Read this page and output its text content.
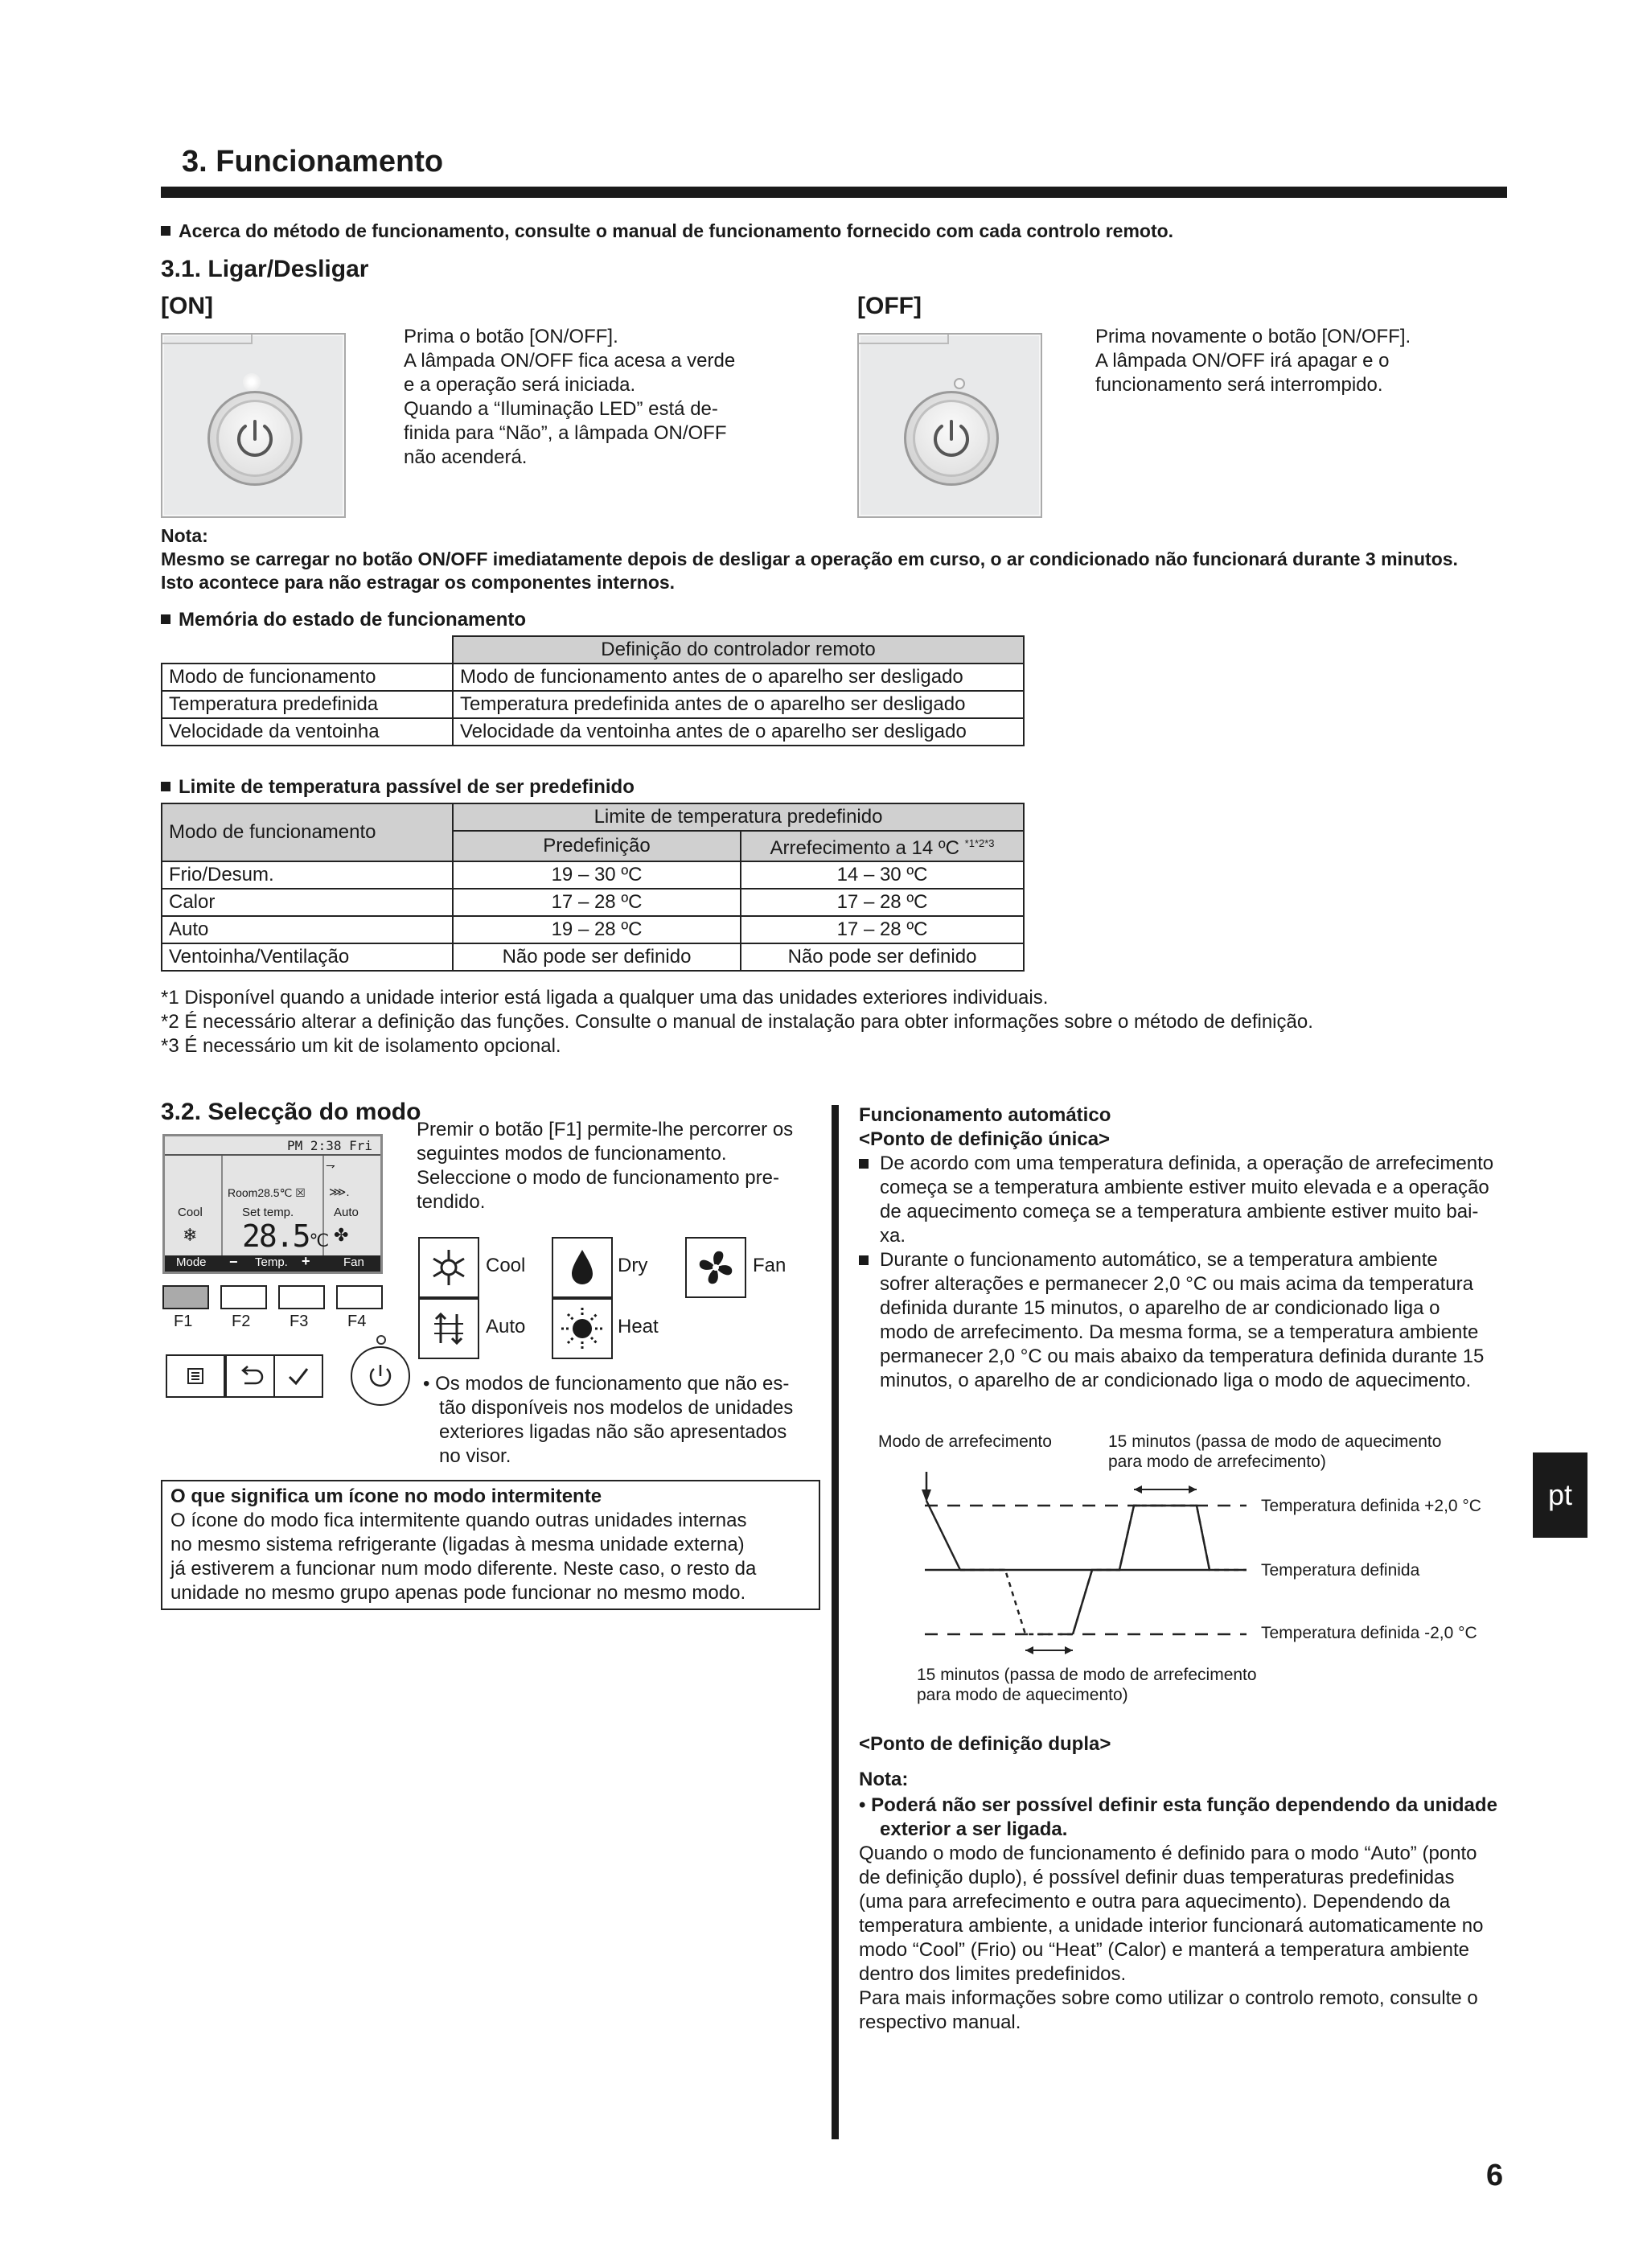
3. Funcionamento
Acerca do método de funcionamento, consulte o manual de funcionamento fornecido com cada controlo remoto.
3.1. Ligar/Desligar
[ON]	[OFF]
Prima o botão [ON/OFF].
A lâmpada ON/OFF fica acesa a verde
e a operação será iniciada.
Quando a “Iluminação LED” está de-
finida para “Não”, a lâmpada ON/OFF
não acenderá.
Prima novamente o botão [ON/OFF].
A lâmpada ON/OFF irá apagar e o
funcionamento será interrompido.
Nota:
Mesmo se carregar no botão ON/OFF imediatamente depois de desligar a operação em curso, o ar condicionado não funcionará durante 3 minutos.
Isto acontece para não estragar os componentes internos.
Memória do estado de funcionamento
	Definição do controlador remoto
Modo de funcionamento	Modo de funcionamento antes de o aparelho ser desligado
Temperatura predefinida	Temperatura predefinida antes de o aparelho ser desligado
Velocidade da ventoinha	Velocidade da ventoinha antes de o aparelho ser desligado
Limite de temperatura passível de ser predefinido
Modo de funcionamento	Limite de temperatura predefinido	
	Predefinição	Arrefecimento a 14 ºC $^{*1*2*3}$
Frio/Desum.	19 – 30 ºC	14 – 30 ºC
Calor	17 – 28 ºC	17 – 28 ºC
Auto	19 – 28 ºC	17 – 28 ºC
Ventoinha/Ventilação	Não pode ser definido	Não pode ser definido
*1 Disponível quando a unidade interior está ligada a qualquer uma das unidades exteriores individuais.
*2 É necessário alterar a definição das funções. Consulte o manual de instalação para obter informações sobre o método de definição.
*3 É necessário um kit de isolamento opcional.
3.2. Selecção do modo
PM 2:38 Fri
⇁
Room28.5℃ ☒ ⋙.
Cool	Set temp.	Auto
❄ 28.5℃ ✤
Mode − Temp. +	Fan
F1 F2 F3 F4
Premir o botão [F1] permite-lhe percorrer os
seguintes modos de funcionamento.
Seleccione o modo de funcionamento pre-
tendido.
Cool	Dry	Fan
Auto	Heat
• Os modos de funcionamento que não es-
tão disponíveis nos modelos de unidades
exteriores ligadas não são apresentados
no visor.
O que significa um ícone no modo intermitente
O ícone do modo fica intermitente quando outras unidades internas
no mesmo sistema refrigerante (ligadas à mesma unidade externa)
já estiverem a funcionar num modo diferente. Neste caso, o resto da
unidade no mesmo grupo apenas pode funcionar no mesmo modo.
Funcionamento automático
<Ponto de definição única>
De acordo com uma temperatura definida, a operação de arrefecimento
começa se a temperatura ambiente estiver muito elevada e a operação
de aquecimento começa se a temperatura ambiente estiver muito bai-
xa.
Durante o funcionamento automático, se a temperatura ambiente
sofrer alterações e permanecer 2,0 °C ou mais acima da temperatura
definida durante 15 minutos, o aparelho de ar condicionado liga o
modo de arrefecimento. Da mesma forma, se a temperatura ambiente
permanecer 2,0 °C ou mais abaixo da temperatura definida durante 15
minutos, o aparelho de ar condicionado liga o modo de aquecimento.
Modo de arrefecimento	15 minutos (passa de modo de aquecimento
para modo de arrefecimento)
Temperatura definida +2,0 °C
Temperatura definida
Temperatura definida -2,0 °C
15 minutos (passa de modo de arrefecimento
para modo de aquecimento)
<Ponto de definição dupla>
Nota:
• Poderá não ser possível definir esta função dependendo da unidade
exterior a ser ligada.
Quando o modo de funcionamento é definido para o modo “Auto” (ponto
de definição duplo), é possível definir duas temperaturas predefinidas
(uma para arrefecimento e outra para aquecimento). Dependendo da
temperatura ambiente, a unidade interior funcionará automaticamente no
modo “Cool” (Frio) ou “Heat” (Calor) e manterá a temperatura ambiente
dentro dos limites predefinidos.
Para mais informações sobre como utilizar o controlo remoto, consulte o
respectivo manual.
pt
6
